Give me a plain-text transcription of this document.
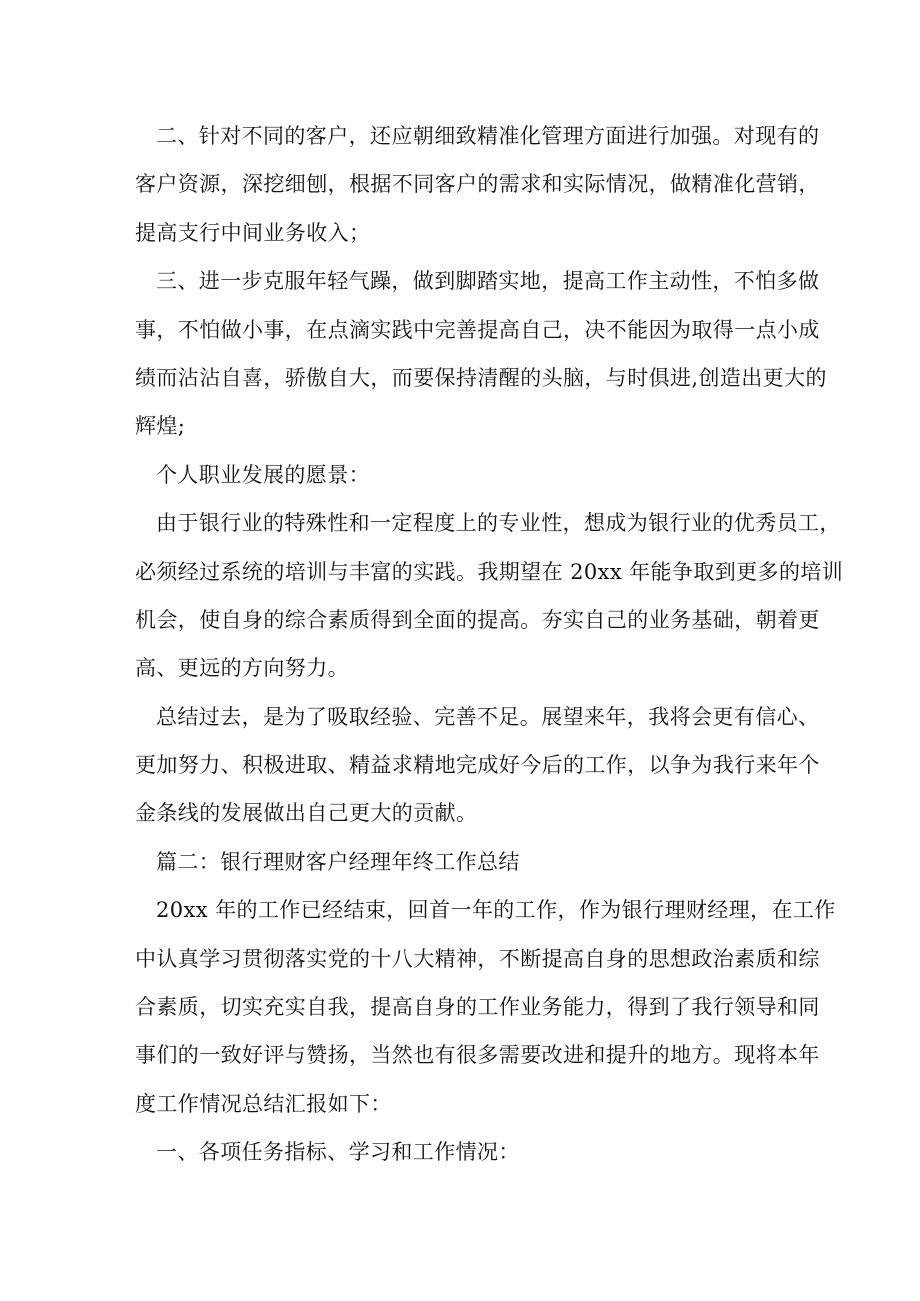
二、针对不同的客户，还应朝细致精准化管理方面进行加强。对现有的
客户资源，深挖细刨，根据不同客户的需求和实际情况，做精准化营销，
提高支行中间业务收入；
三、进一步克服年轻气躁，做到脚踏实地，提高工作主动性，不怕多做
事，不怕做小事，在点滴实践中完善提高自己，决不能因为取得一点小成
绩而沾沾自喜，骄傲自大，而要保持清醒的头脑，与时俱进,创造出更大的
辉煌;
个人职业发展的愿景：
由于银行业的特殊性和一定程度上的专业性，想成为银行业的优秀员工，
必须经过系统的培训与丰富的实践。我期望在 20xx 年能争取到更多的培训
机会，使自身的综合素质得到全面的提高。夯实自己的业务基础，朝着更
高、更远的方向努力。
总结过去，是为了吸取经验、完善不足。展望来年，我将会更有信心、
更加努力、积极进取、精益求精地完成好今后的工作，以争为我行来年个
金条线的发展做出自己更大的贡献。
篇二：银行理财客户经理年终工作总结
20xx 年的工作已经结束，回首一年的工作，作为银行理财经理，在工作
中认真学习贯彻落实党的十八大精神，不断提高自身的思想政治素质和综
合素质，切实充实自我，提高自身的工作业务能力，得到了我行领导和同
事们的一致好评与赞扬，当然也有很多需要改进和提升的地方。现将本年
度工作情况总结汇报如下：
一、各项任务指标、学习和工作情况：
